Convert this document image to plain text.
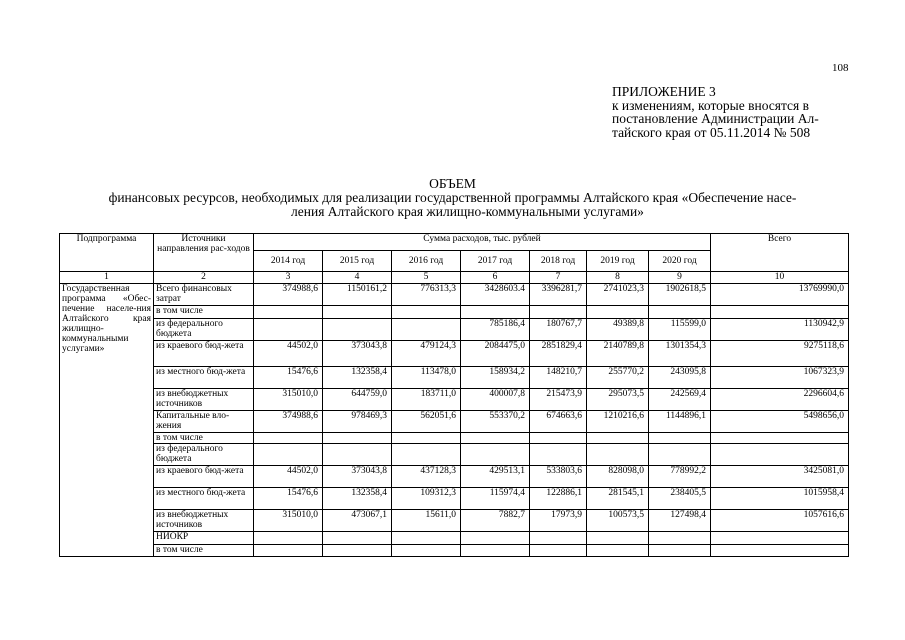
108
ПРИЛОЖЕНИЕ 3
к изменениям, которые вносятся в
постановление Администрации Ал-
тайского края от 05.11.2014 № 508
ОБЪЕМ
финансовых ресурсов, необходимых для реализации государственной программы Алтайского края «Обеспечение насе-
ления Алтайского края жилищно-коммунальными услугами»
Подпрограмма	Источники направления рас-ходов	Сумма расходов, тыс. рублей							Всего
		2014 год	2015 год	2016 год	2017 год	2018 год	2019 год	2020 год	
1	2	3	4	5	6	7	8	9	10
Государственная программа «Обес-печение населе-ния Алтайского края жилищно-коммунальными услугами»	Всего финансовых затрат	374988,6	1150161,2	776313,3	3428603.4	3396281,7	2741023,3	1902618,5	13769990,0
	в том числе								
	из федерального бюджета				785186,4	180767,7	49389,8	115599,0	1130942,9
	из краевого бюд-жета	44502,0	373043,8	479124,3	2084475,0	2851829,4	2140789,8	1301354,3	9275118,6
	из местного бюд-жета	15476,6	132358,4	113478,0	158934,2	148210,7	255770,2	243095,8	1067323,9
	из внебюджетных источников	315010,0	644759,0	183711,0	400007,8	215473,9	295073,5	242569,4	2296604,6
	Капитальные вло-жения	374988,6	978469,3	562051,6	553370,2	674663,6	1210216,6	1144896,1	5498656,0
	в том числе								
	из федерального бюджета								
	из краевого бюд-жета	44502,0	373043,8	437128,3	429513,1	533803,6	828098,0	778992,2	3425081,0
	из местного бюд-жета	15476,6	132358,4	109312,3	115974,4	122886,1	281545,1	238405,5	1015958,4
	из внебюджетных источников	315010,0	473067,1	15611,0	7882,7	17973,9	100573,5	127498,4	1057616,6
	НИОКР								
	в том числе								
